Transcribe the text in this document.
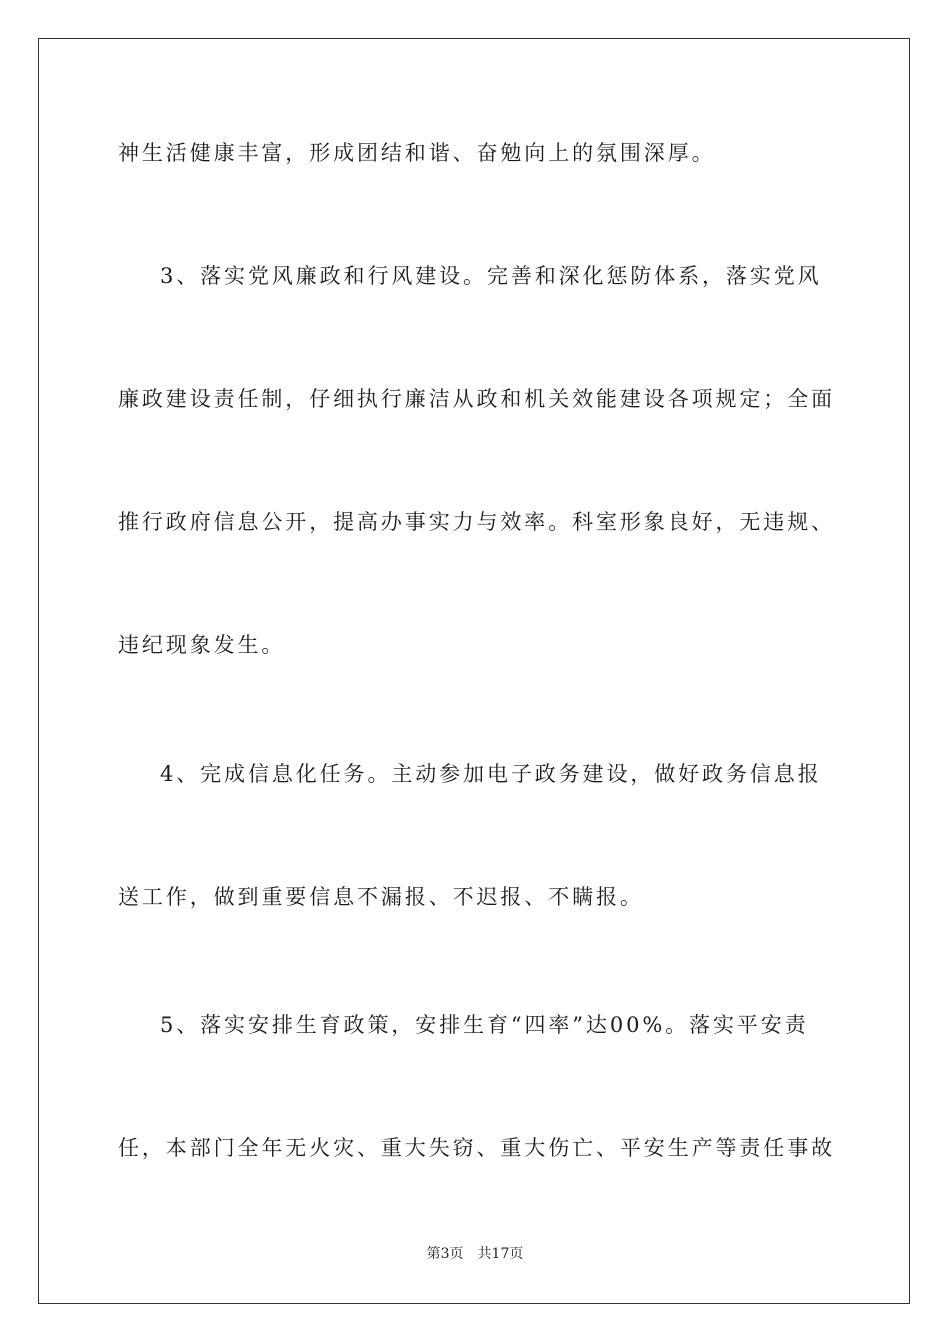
神生活健康丰富，形成团结和谐、奋勉向上的氛围深厚。
3、落实党风廉政和行风建设。完善和深化惩防体系，落实党风
廉政建设责任制，仔细执行廉洁从政和机关效能建设各项规定；全面
推行政府信息公开，提高办事实力与效率。科室形象良好，无违规、
违纪现象发生。
4、完成信息化任务。主动参加电子政务建设，做好政务信息报
送工作，做到重要信息不漏报、不迟报、不瞒报。
5、落实安排生育政策，安排生育“四率”达00%。落实平安责
任，本部门全年无火灾、重大失窃、重大伤亡、平安生产等责任事故
第3页 共17页
